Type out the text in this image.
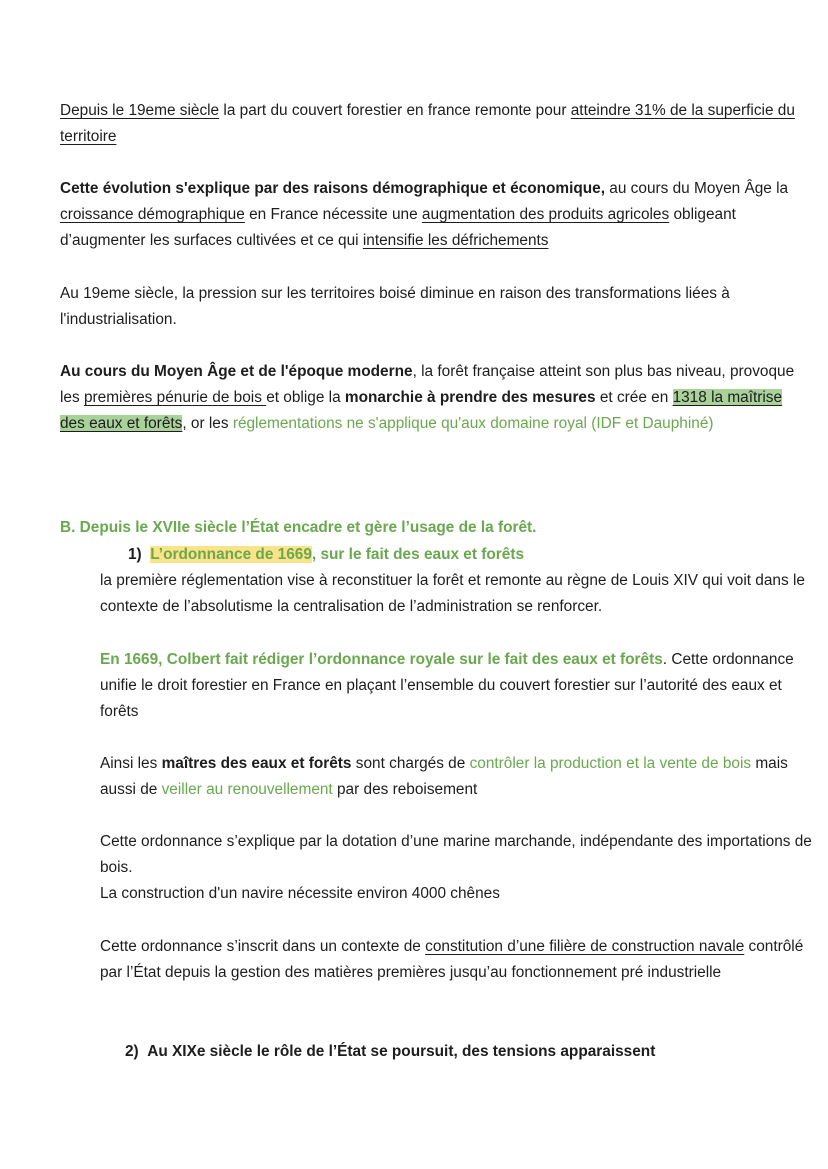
Depuis le 19eme siècle la part du couvert forestier en france remonte pour atteindre 31% de la superficie du territoire

Cette évolution s'explique par des raisons démographique et économique, au cours du Moyen Âge la croissance démographique en France nécessite une augmentation des produits agricoles obligeant d’augmenter les surfaces cultivées et ce qui intensifie les défrichements

Au 19eme siècle, la pression sur les territoires boisé diminue en raison des transformations liées à l'industrialisation.

Au cours du Moyen Âge et de l'époque moderne, la forêt française atteint son plus bas niveau, provoque les premières pénurie de bois et oblige la monarchie à prendre des mesures et crée en 1318 la maîtrise des eaux et forêts, or les réglementations ne s'applique qu'aux domaine royal (IDF et Dauphiné)

B. Depuis le XVIIe siècle l’État encadre et gère l’usage de la forêt.
1) L’ordonnance de 1669, sur le fait des eaux et forêts

la première réglementation vise à reconstituer la forêt et remonte au règne de Louis XIV qui voit dans le contexte de l’absolutisme la centralisation de l’administration se renforcer.

En 1669, Colbert fait rédiger l’ordonnance royale sur le fait des eaux et forêts. Cette ordonnance unifie le droit forestier en France en plaçant l’ensemble du couvert forestier sur l’autorité des eaux et forêts

Ainsi les maîtres des eaux et forêts sont chargés de contrôler la production et la vente de bois mais aussi de veiller au renouvellement par des reboisement

Cette ordonnance s’explique par la dotation d’une marine marchande, indépendante des importations de bois.
La construction d'un navire nécessite environ 4000 chênes

Cette ordonnance s’inscrit dans un contexte de constitution d’une filière de construction navale contrôlé par l’État depuis la gestion des matières premières jusqu’au fonctionnement pré industrielle

2) Au XIXe siècle le rôle de l’État se poursuit, des tensions apparaissent
